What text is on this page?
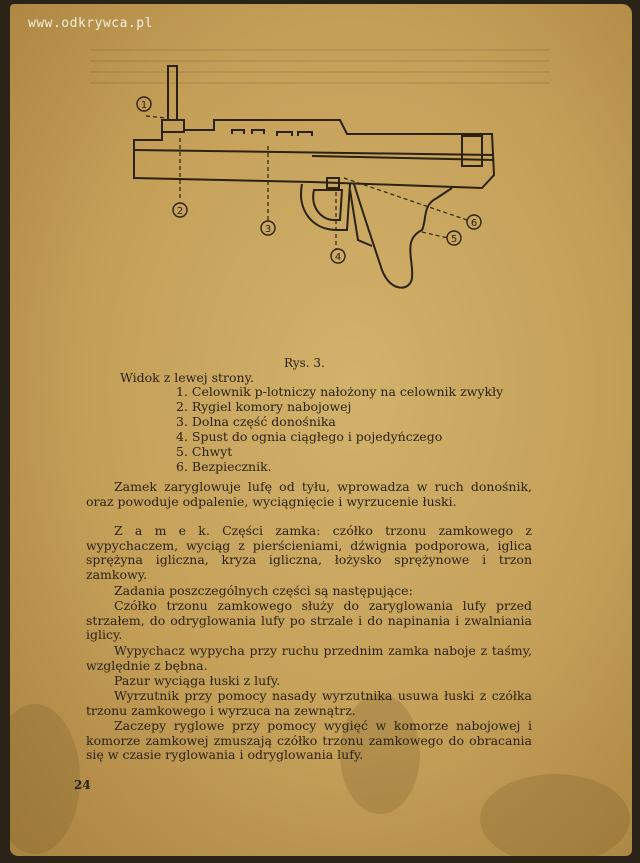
www.odkrywca.pl
1
2
3
4
5
6
Rys. 3.
Widok z lewej strony.
1. Celownik p-lotniczy nałożony na celownik zwykły
2. Rygiel komory nabojowej
3. Dolna część donośnika
4. Spust do ognia ciągłego i pojedyńczego
5. Chwyt
6. Bezpiecznik.
Zamek zaryglowuje lufę od tyłu, wprowadza w ruch donośnik, oraz powoduje odpalenie, wyciągnięcie i wyrzucenie łuski.
Z a m e k. Części zamka: czółko trzonu zamkowego z wypychaczem, wyciąg z pierścieniami, dźwignia podporowa, iglica sprężyna iglicznа, kryza igliczna, łożysko sprężynowe i trzon zamkowy.
Zadania poszczególnych części są następujące:
Czółko trzonu zamkowego służy do zaryglowania lufy przed strzałem, do odryglowania lufy po strzale i do napinania i zwalniania iglicy.
Wypychacz wypycha przy ruchu przednim zamka naboje z taśmy, względnie z bębna.
Pazur wyciąga łuski z lufy.
Wyrzutnik przy pomocy nasady wyrzutnika usuwa łuski z czółka trzonu zamkowego i wyrzuca na zewnątrz.
Zaczepy ryglowe przy pomocy wygięć w komorze nabojowej i komorze zamkowej zmuszają czółko trzonu zamkowego do obracania się w czasie ryglowania i odryglowania lufy.
24
